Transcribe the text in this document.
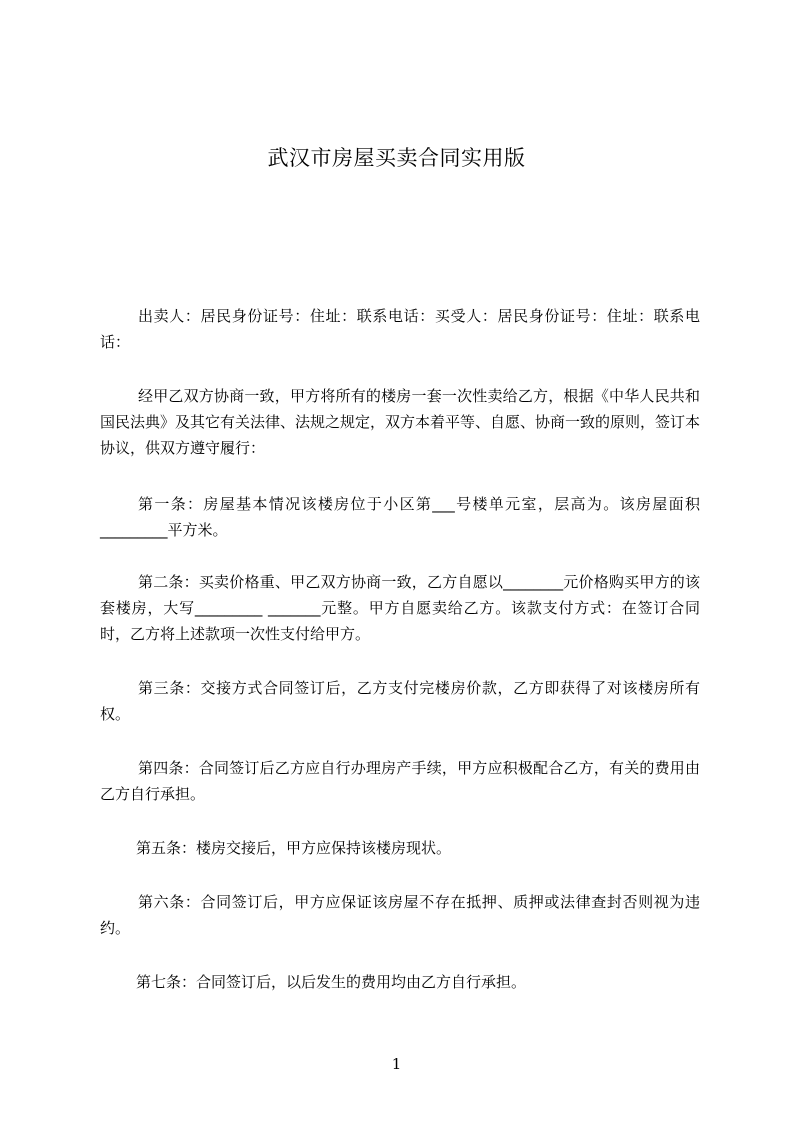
武汉市房屋买卖合同实用版

出卖人：居民身份证号：住址：联系电话：买受人：居民身份证号：住址：联系电话：

经甲乙双方协商一致，甲方将所有的楼房一套一次性卖给乙方，根据《中华人民共和国民法典》及其它有关法律、法规之规定，双方本着平等、自愿、协商一致的原则，签订本协议，供双方遵守履行：

第一条：房屋基本情况该楼房位于小区第___号楼单元室，层高为。该房屋面积_________平方米。

第二条：买卖价格重、甲乙双方协商一致，乙方自愿以________元价格购买甲方的该套楼房，大写_________ _______元整。甲方自愿卖给乙方。该款支付方式：在签订合同时，乙方将上述款项一次性支付给甲方。

第三条：交接方式合同签订后，乙方支付完楼房价款，乙方即获得了对该楼房所有权。

第四条：合同签订后乙方应自行办理房产手续，甲方应积极配合乙方，有关的费用由乙方自行承担。

第五条：楼房交接后，甲方应保持该楼房现状。

第六条：合同签订后，甲方应保证该房屋不存在抵押、质押或法律查封否则视为违约。

第七条：合同签订后，以后发生的费用均由乙方自行承担。

1
